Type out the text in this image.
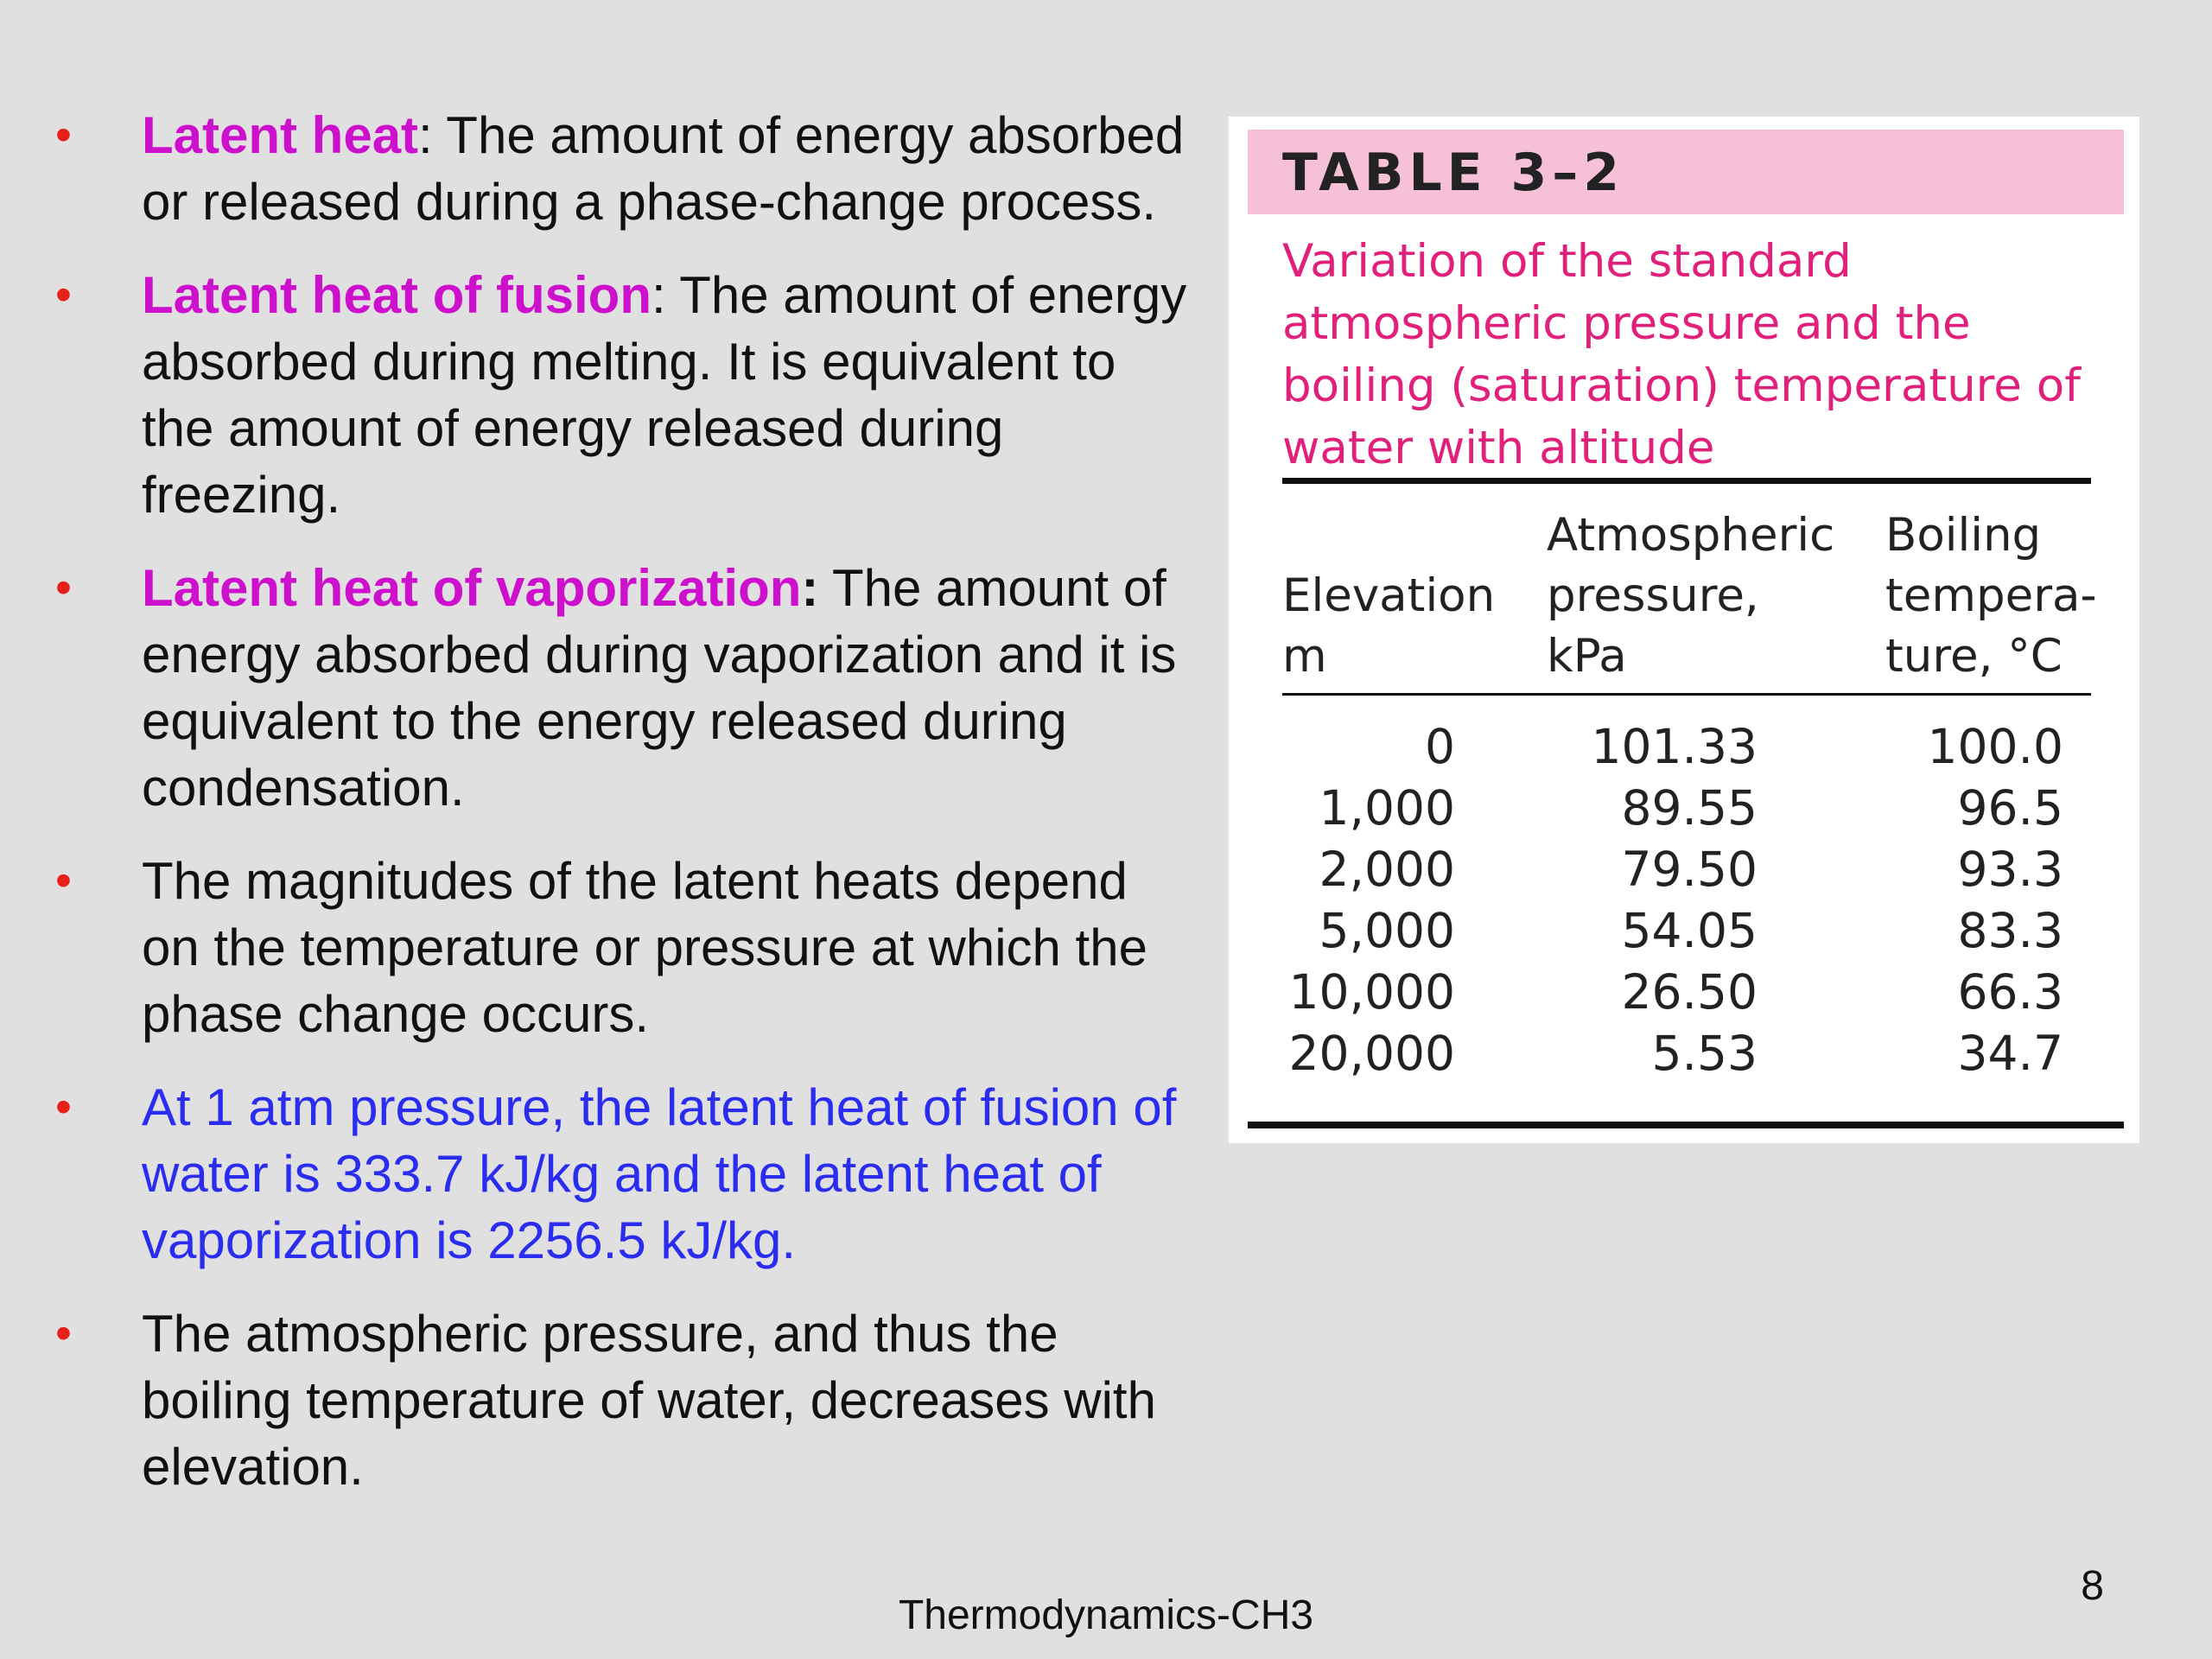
• Latent heat: The amount of energy absorbed or released during a phase-change process.
• Latent heat of fusion: The amount of energy absorbed during melting. It is equivalent to the amount of energy released during freezing.
• Latent heat of vaporization: The amount of energy absorbed during vaporization and it is equivalent to the energy released during condensation.
• The magnitudes of the latent heats depend on the temperature or pressure at which the phase change occurs.
• At 1 atm pressure, the latent heat of fusion of water is 333.7 kJ/kg and the latent heat of vaporization is 2256.5 kJ/kg.
• The atmospheric pressure, and thus the boiling temperature of water, decreases with elevation.
TABLE 3–2

Variation of the standard atmospheric pressure and the boiling (saturation) temperature of water with altitude

Elevation
m

Atmospheric
pressure,
kPa

Boiling
tempera-
ture, °C

0
1,000
2,000
5,000
10,000
20,000
101.33
89.55
79.50
54.05
26.50
5.53
100.0
96.5
93.3
83.3
66.3
34.7
Thermodynamics-CH3
8
